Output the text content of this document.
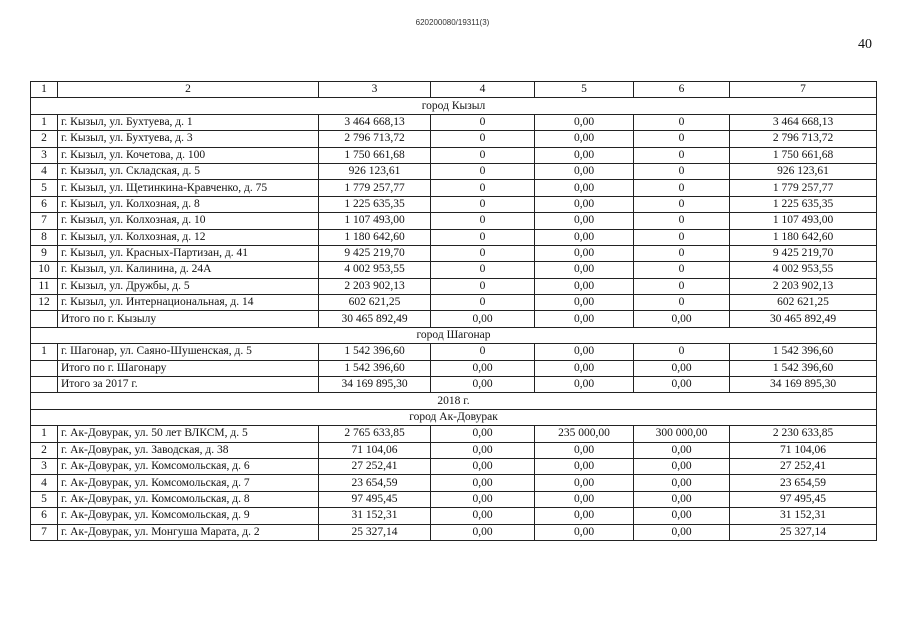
620200080/19311(3)
40
1	2	3	4	5	6	7
город Кызыл						
1	г. Кызыл, ул. Бухтуева, д. 1	3 464 668,13	0	0,00	0	3 464 668,13
2	г. Кызыл, ул. Бухтуева, д. 3	2 796 713,72	0	0,00	0	2 796 713,72
3	г. Кызыл, ул. Кочетова, д. 100	1 750 661,68	0	0,00	0	1 750 661,68
4	г. Кызыл, ул. Складская, д. 5	926 123,61	0	0,00	0	926 123,61
5	г. Кызыл, ул. Щетинкина-Кравченко, д. 75	1 779 257,77	0	0,00	0	1 779 257,77
6	г. Кызыл, ул. Колхозная, д. 8	1 225 635,35	0	0,00	0	1 225 635,35
7	г. Кызыл, ул. Колхозная, д. 10	1 107 493,00	0	0,00	0	1 107 493,00
8	г. Кызыл, ул. Колхозная, д. 12	1 180 642,60	0	0,00	0	1 180 642,60
9	г. Кызыл, ул. Красных-Партизан, д. 41	9 425 219,70	0	0,00	0	9 425 219,70
10	г. Кызыл, ул. Калинина, д. 24А	4 002 953,55	0	0,00	0	4 002 953,55
11	г. Кызыл, ул. Дружбы, д. 5	2 203 902,13	0	0,00	0	2 203 902,13
12	г. Кызыл, ул. Интернациональная, д. 14	602 621,25	0	0,00	0	602 621,25
	Итого по г. Кызылу	30 465 892,49	0,00	0,00	0,00	30 465 892,49
город Шагонар						
1	г. Шагонар, ул. Саяно-Шушенская, д. 5	1 542 396,60	0	0,00	0	1 542 396,60
	Итого по г. Шагонару	1 542 396,60	0,00	0,00	0,00	1 542 396,60
	Итого за 2017 г.	34 169 895,30	0,00	0,00	0,00	34 169 895,30
2018 г.						
город Ак-Довурак						
1	г. Ак-Довурак, ул. 50 лет ВЛКСМ, д. 5	2 765 633,85	0,00	235 000,00	300 000,00	2 230 633,85
2	г. Ак-Довурак, ул. Заводская, д. 38	71 104,06	0,00	0,00	0,00	71 104,06
3	г. Ак-Довурак, ул. Комсомольская, д. 6	27 252,41	0,00	0,00	0,00	27 252,41
4	г. Ак-Довурак, ул. Комсомольская, д. 7	23 654,59	0,00	0,00	0,00	23 654,59
5	г. Ак-Довурак, ул. Комсомольская, д. 8	97 495,45	0,00	0,00	0,00	97 495,45
6	г. Ак-Довурак, ул. Комсомольская, д. 9	31 152,31	0,00	0,00	0,00	31 152,31
7	г. Ак-Довурак, ул. Монгуша Марата, д. 2	25 327,14	0,00	0,00	0,00	25 327,14
